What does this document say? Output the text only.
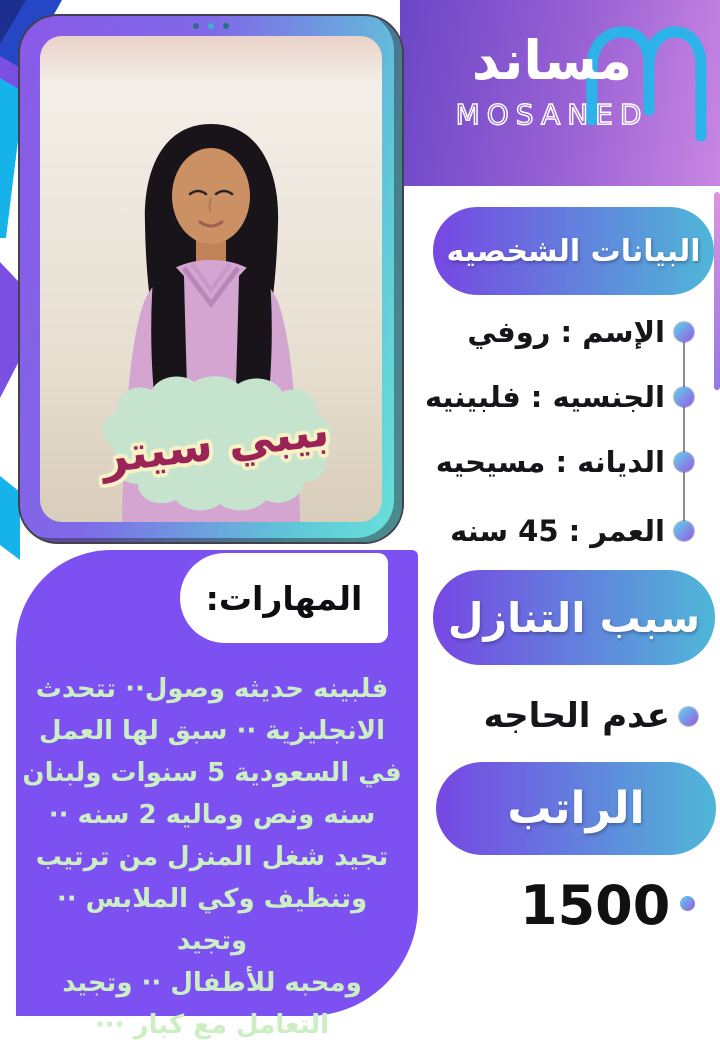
مساند
MOSANED
بيبي سيتر
البيانات الشخصيه
الإسم : روفي
الجنسيه : فلبينيه
الديانه : مسيحيه
العمر : 45 سنه
سبب التنازل
عدم الحاجه
الراتب
1500
المهارات:
فلبينه حديثه وصول·· تتحدث
الانجليزية ·· سبق لها العمل
في السعودية 5 سنوات ولبنان
سنه ونص وماليه 2 سنه ··
تجيد شغل المنزل من ترتيب
وتنظيف وكي الملابس ·· وتجيد
ومحبه للأطفال ·· وتجيد
التعامل مع كبار ···
